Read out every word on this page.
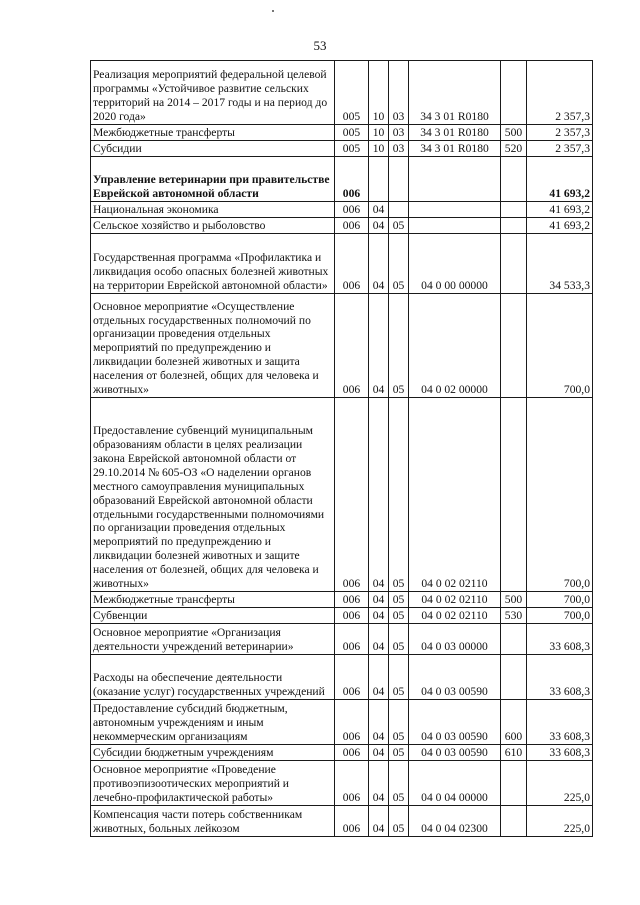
53
Реализация мероприятий федеральной целевой программы «Устойчивое развитие сельских территорий на 2014 – 2017 годы и на период до 2020 года»	005	10	03	34 3 01 R0180		2 357,3
Межбюджетные трансферты	005	10	03	34 3 01 R0180	500	2 357,3
Субсидии	005	10	03	34 3 01 R0180	520	2 357,3
Управление ветеринарии при правительстве Еврейской автономной области	006					41 693,2
Национальная экономика	006	04				41 693,2
Сельское хозяйство и рыболовство	006	04	05			41 693,2
Государственная программа «Профилактика и ликвидация особо опасных болезней животных на территории Еврейской автономной области»	006	04	05	04 0 00 00000		34 533,3
Основное мероприятие «Осуществление отдельных государственных полномочий по организации проведения отдельных мероприятий по предупреждению и ликвидации болезней животных и защита населения от болезней, общих для человека и животных»	006	04	05	04 0 02 00000		700,0
Предоставление субвенций муниципальным образованиям области в целях реализации закона Еврейской автономной области от 29.10.2014 № 605-ОЗ «О наделении органов местного самоуправления муниципальных образований Еврейской автономной области отдельными государственными полномочиями по организации проведения отдельных мероприятий по предупреждению и ликвидации болезней животных и защите населения от болезней, общих для человека и животных»	006	04	05	04 0 02 02110		700,0
Межбюджетные трансферты	006	04	05	04 0 02 02110	500	700,0
Субвенции	006	04	05	04 0 02 02110	530	700,0
Основное мероприятие «Организация деятельности учреждений ветеринарии»	006	04	05	04 0 03 00000		33 608,3
Расходы на обеспечение деятельности (оказание услуг) государственных учреждений	006	04	05	04 0 03 00590		33 608,3
Предоставление субсидий бюджетным, автономным учреждениям и иным некоммерческим организациям	006	04	05	04 0 03 00590	600	33 608,3
Субсидии бюджетным учреждениям	006	04	05	04 0 03 00590	610	33 608,3
Основное мероприятие «Проведение противоэпизоотических мероприятий и лечебно-профилактической работы»	006	04	05	04 0 04 00000		225,0
Компенсация части потерь собственникам животных, больных лейкозом	006	04	05	04 0 04 02300		225,0
